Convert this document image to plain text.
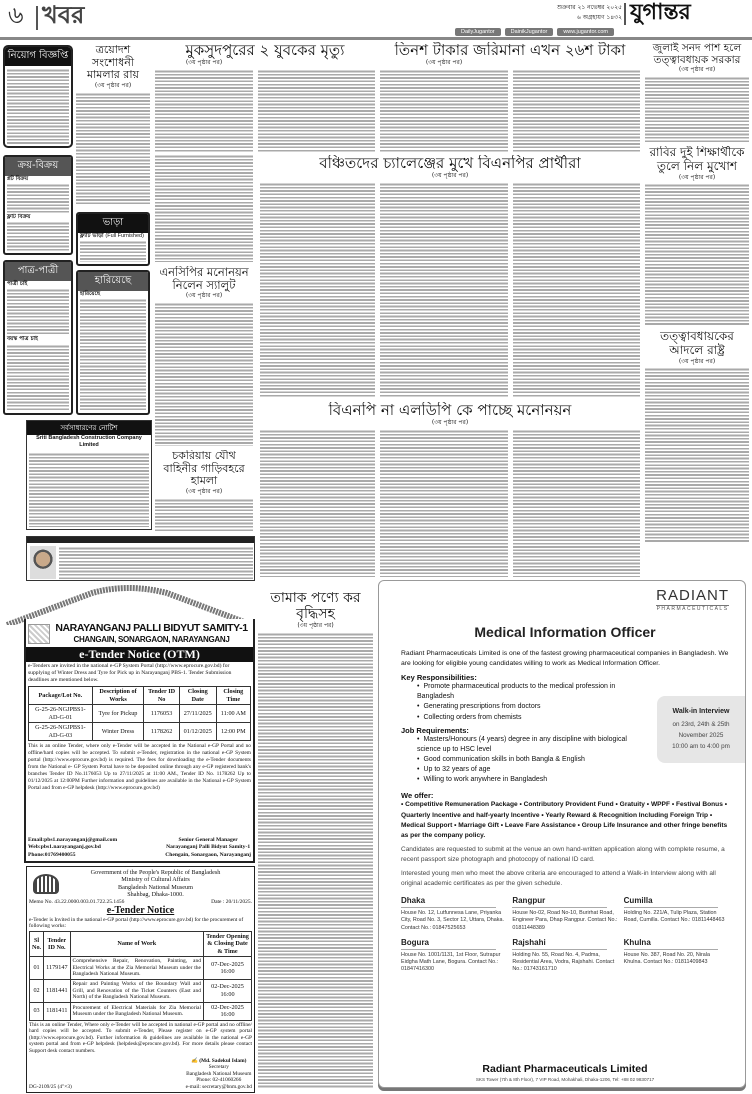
৬ খবর	শুক্রবার ২১ নভেম্বর ২০২৫
৬ অগ্রহায়ণ ১৪৩২ যুগান্তর
DailyJugantor	DainikJugantor	www.jugantor.com
নিয়োগ বিজ্ঞপ্তি
ক্রয়-বিক্রয়
প্লট বিক্রয়
ফ্লাট বিক্রয়
পাত্র-পাত্রী
পাত্রী চাই
বয়স্ক পাত্র চাই
ত্রয়োদশ সংশোধনী মামলার রায়
(৩য় পৃষ্ঠার পর)
ভাড়া
ফ্ল্যাট ভাড়া (Full Furnished)
হারিয়েছে
হারিয়েছে
সর্বসাধারণের নোটিশ
Sriti Bangladesh Construction Company Limited
NARAYANGANJ PALLI BIDYUT SAMITY-1
CHANGAIN, SONARGAON, NARAYANGANJ
e-Tender Notice (OTM)
e-Tenders are invited in the national e-GP System Portal (http://www.eprocure.gov.bd) for supplying of Winter Dress and Tyre for Pick up in Narayanganj PBS-1. Tender Submission deadlines are mentioned below.
Package/Lot No.	Description of Works	Tender ID No	Closing Date	Closing Time
G-25-26-NGJPBS1-AD-G-01	Tyre for Pickup	1176053	27/11/2025	11:00 AM
G-25-26-NGJPBS1-AD-G-03	Winter Dress	1178262	01/12/2025	12:00 PM
This is an online Tender, where only e-Tender will be accepted in the National e-GP Portal and no offline/hard copies will be accepted. To submit e-Tender, registration in the national e-GP System portal (http://www.eprocure.gov.bd) is required. The fees for downloading the e-Tender documents from the National e- GP System Portal have to be deposited online through any e-GP registered bank's branches Tender ID No.1176053 Up to 27/11/2025 at 11:00 AM., Tender ID No. 1178262 Up to 01/12/2025 at 12:00PM Further information and guidelines are available in the National e-GP System Portal and from e-GP helpdesk (http://www.eprocure.gov.bd)
Email:pbs1.narayanganj@gmail.com
Web:pbs1.narayanganj.gov.bd
Phone:01769400055
Senior General Manager
Narayanganj Palli Bidyut Samity-1
Chengain, Sonargaon, Narayanganj
Government of the People's Republic of Bangladesh
Ministry of Cultural Affairs
Bangladesh National Museum
Shahbag, Dhaka-1000.
Memo No. 43.22.0000.003.01.722.25.1456	Date : 20/11/2025.
e-Tender Notice
e-Tender is Invited in the national e-GP portal (http://www.eprocure.gov.bd) for the procurement of following works:
Sl No.	Tender ID No.	Name of Work	Tender Opening & Closing Date & Time
01	1179147	Comprehensive Repair, Renovation, Painting, and Electrical Works at the Zia Memorial Museum under the Bangladesh National Museum.	07-Dec-2025 16:00
02	1181441	Repair and Painting Works of the Boundary Wall and Grill, and Renovation of the Ticket Counters (East and North) of the Bangladesh National Museum.	02-Dec-2025 16:00
03	1181411	Procurement of Electrical Materials for Zia Memorial Museum under the Bangladesh National Museum.	02-Dec-2025 16:00
This is an online Tender, Where only e-Tender will be accepted in national e-GP portal and no offline/ hard copies will be accepted. To submit e-Tender, Please register on e-GP system portal (http://www.eprocure.gov.bd). Further information & guidelines are available in the national e-GP system portal and from e-GP helpdesk (helpdesk@eprocure.gov.bd). For more details please contact Support desk contact numbers.
DG-2109/25 (4"×3)
✍ (Md. Sadekul Islam)
Secretary
Bangladesh National Museum
Phone: 02-41060266
e-mail: secretary@bnm.gov.bd
মুকসুদপুরের ২ যুবকের মৃত্যু
(৩য় পৃষ্ঠার পর)
এনসিপির মনোনয়ন নিলেন স্যালুট
(৩য় পৃষ্ঠার পর)
চকরিয়ায় যৌথ বাহিনীর গাড়িবহরে হামলা
(৩য় পৃষ্ঠার পর)
তিনশ টাকার জরিমানা এখন ২৬শ টাকা
(৩য় পৃষ্ঠার পর)
জুলাই সনদ পাশ হলে তত্ত্বাবধায়ক সরকার
(৩য় পৃষ্ঠার পর)
রাবির দুই শিক্ষার্থীকে তুলে নিল মুখোশ
(৩য় পৃষ্ঠার পর)
তত্ত্বাবধায়কের আদলে রাষ্ট্র
(৩য় পৃষ্ঠার পর)
বঞ্চিতদের চ্যালেঞ্জের মুখে বিএনপির প্রার্থীরা
(৩য় পৃষ্ঠার পর)
বিএনপি না এলডিপি কে পাচ্ছে মনোনয়ন
(৩য় পৃষ্ঠার পর)
তামাক পণ্যে কর বৃদ্ধিসহ
(৩য় পৃষ্ঠার পর)
RADIANT
PHARMACEUTICALS
Medical Information Officer
Radiant Pharmaceuticals Limited is one of the fastest growing pharmaceutical companies in Bangladesh. We are looking for eligible young candidates willing to work as Medical Information Officer.
Key Responsibilities:
• Promote pharmaceutical products to the medical profession in Bangladesh
• Generating prescriptions from doctors
• Collecting orders from chemists
Job Requirements:
• Masters/Honours (4 years) degree in any discipline with biological science up to HSC level
• Good communication skills in both Bangla & English
• Up to 32 years of age
• Willing to work anywhere in Bangladesh
Walk-in Interview
on 23rd, 24th & 25th
November 2025
10:00 am to 4:00 pm
We offer:
• Competitive Remuneration Package • Contributory Provident Fund • Gratuity • WPPF • Festival Bonus • Quarterly Incentive and half-yearly Incentive • Yearly Reward & Recognition Including Foreign Trip • Medical Support • Marriage Gift • Leave Fare Assistance • Group Life Insurance and other fringe benefits as per the company policy.
Candidates are requested to submit at the venue an own hand-written application along with complete resume, a recent passport size photograph and photocopy of national ID card.
Interested young men who meet the above criteria are encouraged to attend a Walk-in Interview along with all original academic certificates as per the given schedule.
Dhaka
House No. 12, Lutfunnesa Lane, Priyanka City, Road No. 3, Sector 12, Uttara, Dhaka. Contact No.: 01847525653
Rangpur
House No-02, Road No-10, Burirhat Road, Engineer Para, Dhap Rangpur. Contact No.: 01811448389
Cumilla
Holding No. 221/A, Tulip Plaza, Station Road, Cumilla. Contact No.: 01811448463
Bogura
House No. 1001/1131, 1st Floor, Sutrapur Eidgha Math Lane, Bogura. Contact No.: 01847416300
Rajshahi
Holding No. 55, Road No. 4, Padma, Residential Area, Vodra, Rajshahi. Contact No.: 01743161710
Khulna
House No. 387, Road No. 20, Nirala Khulna. Contact No.: 01811409843
Radiant Pharmaceuticals Limited
SKS Tower (7th & 8th Floor), 7 VIP Road, Mohakhali, Dhaka-1206, Tel: +88 02 9830717
